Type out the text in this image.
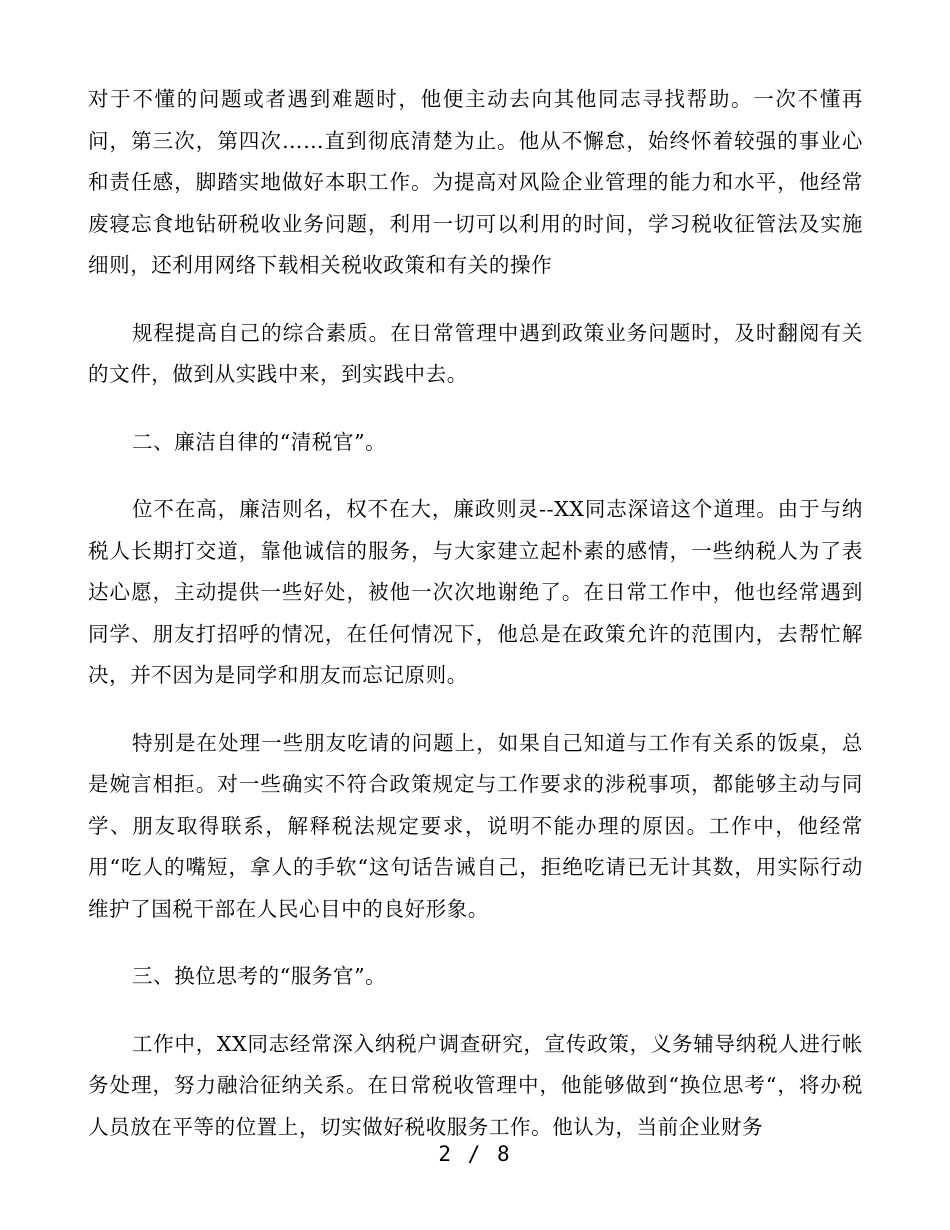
对于不懂的问题或者遇到难题时，他便主动去向其他同志寻找帮助。一次不懂再问，第三次，第四次……直到彻底清楚为止。他从不懈怠，始终怀着较强的事业心和责任感，脚踏实地做好本职工作。为提高对风险企业管理的能力和水平，他经常废寝忘食地钻研税收业务问题，利用一切可以利用的时间，学习税收征管法及实施细则，还利用网络下载相关税收政策和有关的操作

规程提高自己的综合素质。在日常管理中遇到政策业务问题时，及时翻阅有关的文件，做到从实践中来，到实践中去。

二、廉洁自律的“清税官”。

位不在高，廉洁则名，权不在大，廉政则灵--XX同志深谙这个道理。由于与纳税人长期打交道，靠他诚信的服务，与大家建立起朴素的感情，一些纳税人为了表达心愿，主动提供一些好处，被他一次次地谢绝了。在日常工作中，他也经常遇到同学、朋友打招呼的情况，在任何情况下，他总是在政策允许的范围内，去帮忙解决，并不因为是同学和朋友而忘记原则。

特别是在处理一些朋友吃请的问题上，如果自己知道与工作有关系的饭桌，总是婉言相拒。对一些确实不符合政策规定与工作要求的涉税事项，都能够主动与同学、朋友取得联系，解释税法规定要求，说明不能办理的原因。工作中，他经常用“吃人的嘴短，拿人的手软“这句话告诫自己，拒绝吃请已无计其数，用实际行动维护了国税干部在人民心目中的良好形象。

三、换位思考的“服务官”。

工作中，XX同志经常深入纳税户调查研究，宣传政策，义务辅导纳税人进行帐务处理，努力融洽征纳关系。在日常税收管理中，他能够做到“换位思考“，将办税人员放在平等的位置上，切实做好税收服务工作。他认为，当前企业财务

2 / 8
